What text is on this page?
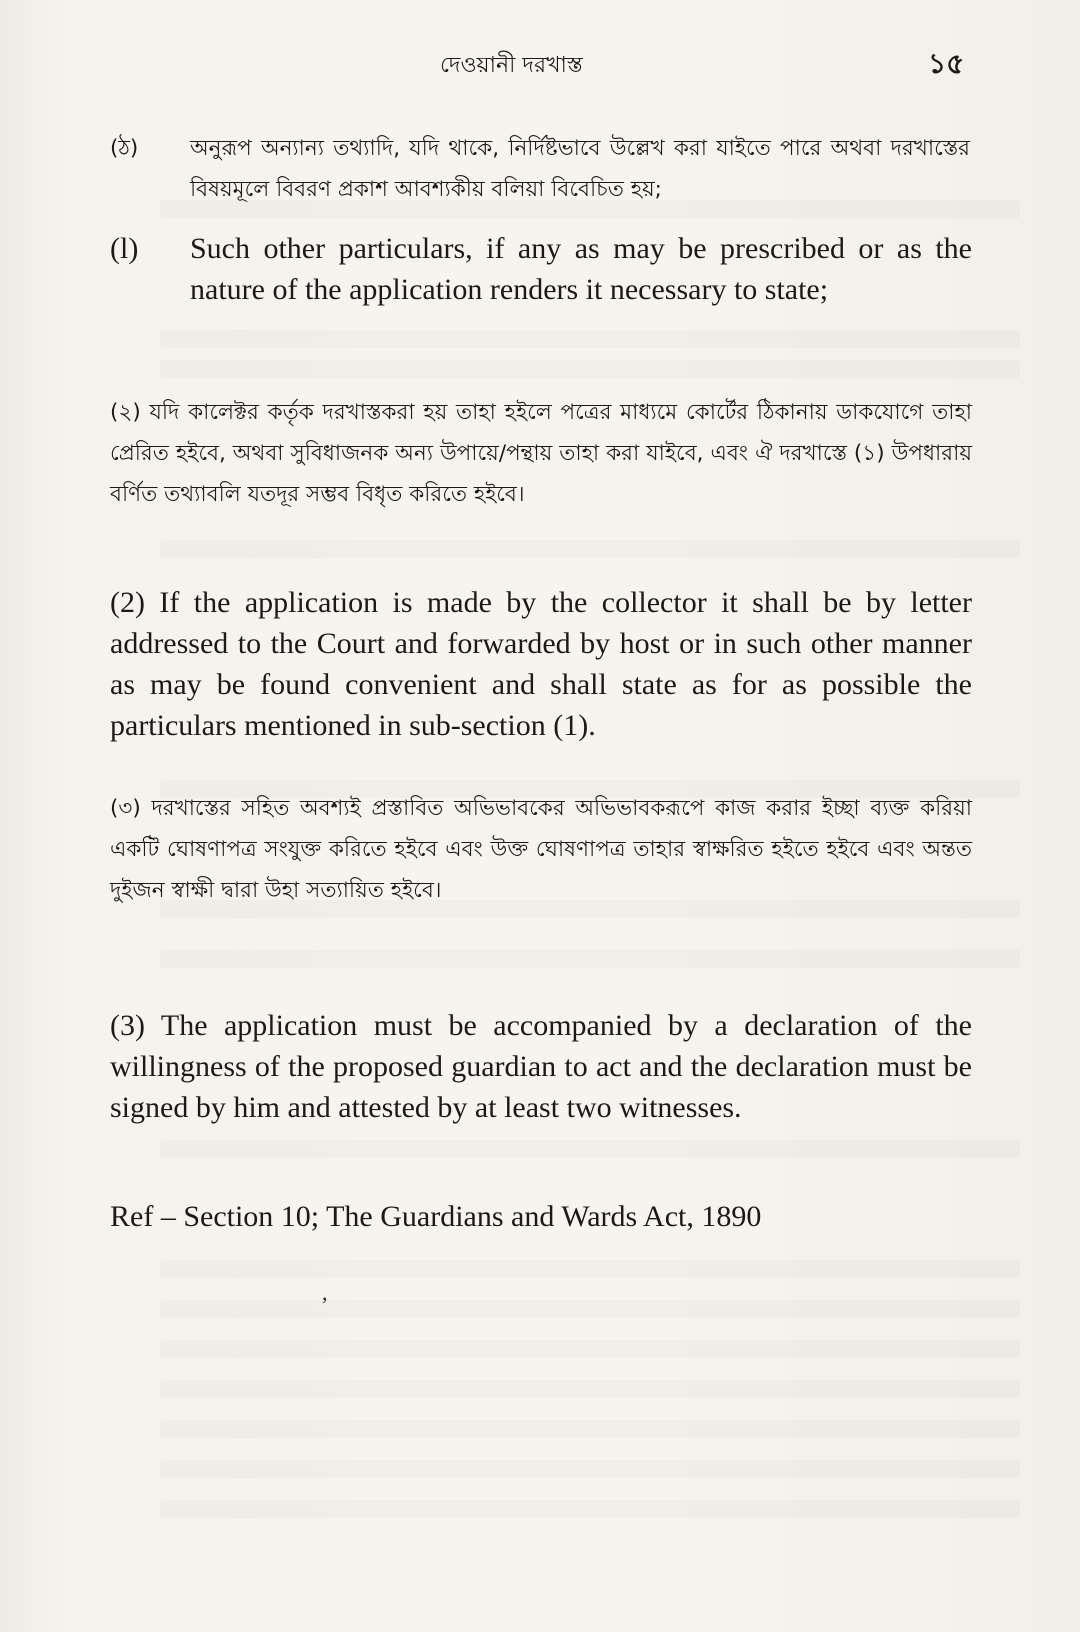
দেওয়ানী দরখাস্ত	১৫
(ঠ)	অনুরূপ অন্যান্য তথ্যাদি, যদি থাকে, নির্দিষ্টভাবে উল্লেখ করা যাইতে পারে অথবা দরখাস্তের বিষয়মূলে বিবরণ প্রকাশ আবশ্যকীয় বলিয়া বিবেচিত হয়;

(l)	Such other particulars, if any as may be prescribed or as the nature of the application renders it necessary to state;

(২) যদি কালেক্টর কর্তৃক দরখাস্তকরা হয় তাহা হইলে পত্রের মাধ্যমে কোর্টের ঠিকানায় ডাকযোগে তাহা প্রেরিত হইবে, অথবা সুবিধাজনক অন্য উপায়ে/পন্থায় তাহা করা যাইবে, এবং ঐ দরখাস্তে (১) উপধারায় বর্ণিত তথ্যাবলি যতদূর সম্ভব বিধৃত করিতে হইবে।

(2) If the application is made by the collector it shall be by letter addressed to the Court and forwarded by host or in such other manner as may be found convenient and shall state as for as possible the particulars mentioned in sub-section (1).

(৩) দরখাস্তের সহিত অবশ্যই প্রস্তাবিত অভিভাবকের অভিভাবকরূপে কাজ করার ইচ্ছা ব্যক্ত করিয়া একটি ঘোষণাপত্র সংযুক্ত করিতে হইবে এবং উক্ত ঘোষণাপত্র তাহার স্বাক্ষরিত হইতে হইবে এবং অন্তত দুইজন স্বাক্ষী দ্বারা উহা সত্যায়িত হইবে।

(3) The application must be accompanied by a declaration of the willingness of the proposed guardian to act and the declaration must be signed by him and attested by at least two witnesses.

Ref – Section 10; The Guardians and Wards Act, 1890

,
